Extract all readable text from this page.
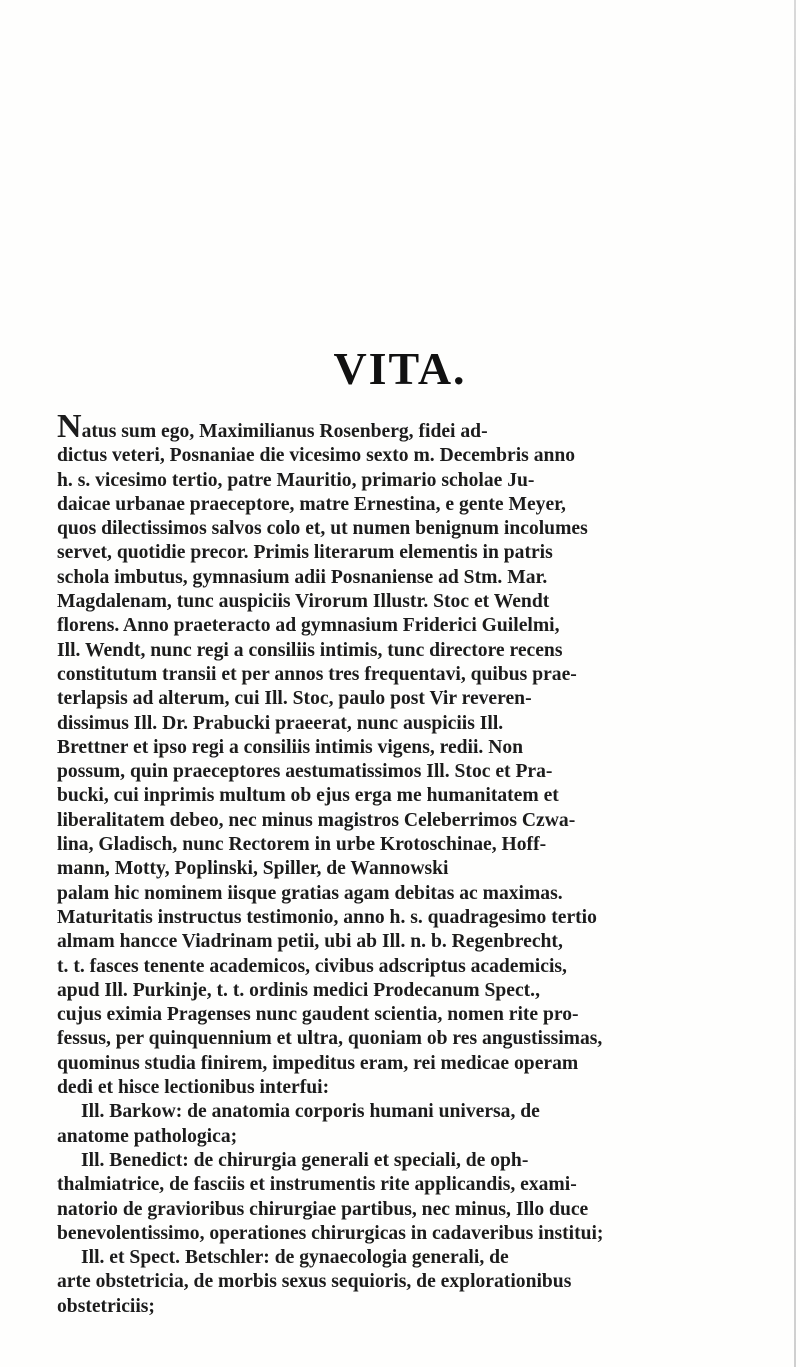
VITA.

Natus sum ego, Maximilianus Rosenberg, fidei ad-

dictus veteri, Posnaniae die vicesimo sexto m. Decembris anno

h. s. vicesimo tertio, patre Mauritio, primario scholae Ju-

daicae urbanae praeceptore, matre Ernestina, e gente Meyer,

quos dilectissimos salvos colo et, ut numen benignum incolumes

servet, quotidie precor. Primis literarum elementis in patris

schola imbutus, gymnasium adii Posnaniense ad Stm. Mar.

Magdalenam, tunc auspiciis Virorum Illustr. Stoc et Wendt

florens. Anno praeteracto ad gymnasium Friderici Guilelmi,

Ill. Wendt, nunc regi a consiliis intimis, tunc directore recens

constitutum transii et per annos tres frequentavi, quibus prae-

terlapsis ad alterum, cui Ill. Stoc, paulo post Vir reveren-

dissimus Ill. Dr. Prabucki praeerat, nunc auspiciis Ill.

Brettner et ipso regi a consiliis intimis vigens, redii. Non

possum, quin praeceptores aestumatissimos Ill. Stoc et Pra-

bucki, cui inprimis multum ob ejus erga me humanitatem et

liberalitatem debeo, nec minus magistros Celeberrimos Czwa-

lina, Gladisch, nunc Rectorem in urbe Krotoschinae, Hoff-

mann, Motty, Poplinski, Spiller, de Wannowski

palam hic nominem iisque gratias agam debitas ac maximas.

Maturitatis instructus testimonio, anno h. s. quadragesimo tertio

almam hancce Viadrinam petii, ubi ab Ill. n. b. Regenbrecht,

t. t. fasces tenente academicos, civibus adscriptus academicis,

apud Ill. Purkinje, t. t. ordinis medici Prodecanum Spect.,

cujus eximia Pragenses nunc gaudent scientia, nomen rite pro-

fessus, per quinquennium et ultra, quoniam ob res angustissimas,

quominus studia finirem, impeditus eram, rei medicae operam

dedi et hisce lectionibus interfui:

Ill. Barkow: de anatomia corporis humani universa, de

anatome pathologica;

Ill. Benedict: de chirurgia generali et speciali, de oph-

thalmiatrice, de fasciis et instrumentis rite applicandis, exami-

natorio de gravioribus chirurgiae partibus, nec minus, Illo duce

benevolentissimo, operationes chirurgicas in cadaveribus institui;

Ill. et Spect. Betschler: de gynaecologia generali, de

arte obstetricia, de morbis sexus sequioris, de explorationibus

obstetriciis;
